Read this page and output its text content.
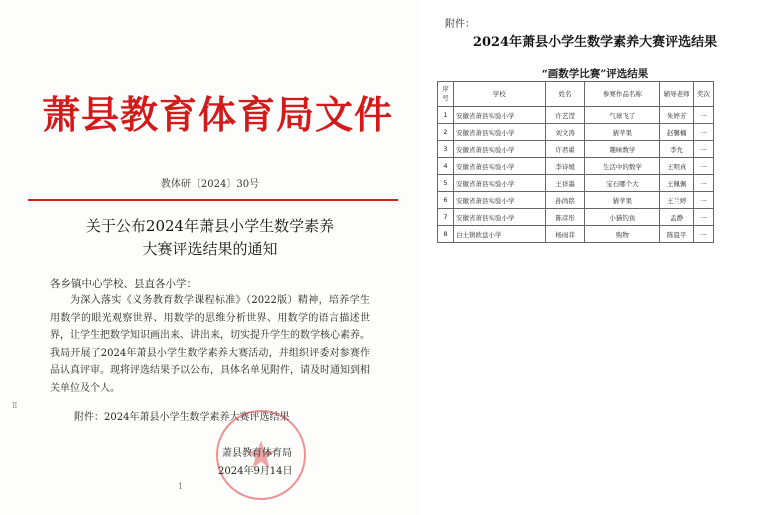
萧县教育体育局文件
教体研〔2024〕30号
关于公布2024年萧县小学生数学素养
大赛评选结果的通知
各乡镇中心学校、县直各小学：
为深入落实《义务教育数学课程标准》（2022版）精神，培养学生用数学的眼光观察世界、用数学的思维分析世界、用数学的语言描述世界，让学生把数学知识画出来、讲出来，切实提升学生的数学核心素养。我局开展了2024年萧县小学生数学素养大赛活动，并组织评委对参赛作品认真评审。现将评选结果予以公布，具体名单见附件，请及时通知到相关单位及个人。
附件：2024年萧县小学生数学素养大赛评选结果
萧县教育体育局
2024年9月14日
1
Ⅱ
附件：
2024年萧县小学生数学素养大赛评选结果
“画数学比赛”评选结果
序号	学校	姓名	参赛作品名称	辅导老师	奖次
1	安徽省萧县实验小学	许艺滢	气球飞了	朱婷芳	一
2	安徽省萧县实验小学	刘文涛	猜苹果	赵馨楠	一
3	安徽省萧县实验小学	许君翟	趣味数学	李允	一
4	安徽省萧县实验小学	李诗媛	生活中的数学	王明真	一
5	安徽省萧县实验小学	王祥墨	宝石哪个大	王佩佩	一
6	安徽省萧县实验小学	孙尚铭	猜苹果	王兰婷	一
7	安徽省萧县实验小学	陈彦彤	小猫钓鱼	孟静	一
8	白土镇欧盘小学	杨雨菲	购物	陈晨平	一
